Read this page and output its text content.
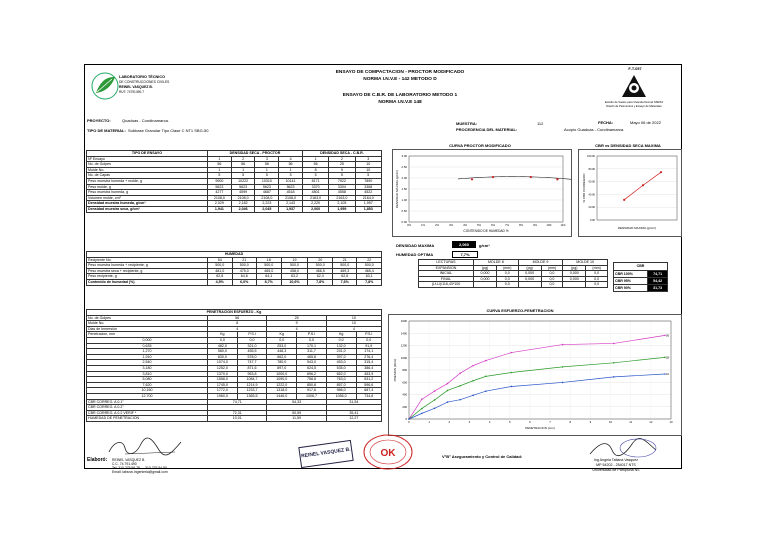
LABORATORIO TÉCNICO
DE CONSTRUCCIONES CIVILES
REINEL VASQUEZ B.
RUT: 74791490-7
ENSAYO DE COMPACTACION - PROCTOR MODIFICADO
NORMA I.N.V.E - 142 METODO D
ENSAYO DE C.B.R. DE LABORATORIO METODO 1
NORMA I.N.V.E 148
F-T-057
Estudio de Suelos para Vivienda Normal NSR/10
Diseño de Pavimentos y Ensayo de Materiales
PROYECTO:	Quaduas - Cundinamarca.
TIPO DE MATERIAL: Subbase Granular Tipo Clase C NT1 SBG-50
MUESTRA:	112
PROCEDENCIA DEL MATERIAL:	Acopio Guaduas - Cundinamarca.
FECHA:	Mayo 06 de 2022
TIPO DE ENSAYO	DENSIDAD SECA - PROCTOR				DENSIDAD SECA - C.B.R.		
Nº Ensayo	1	2	3	4	1	2	3
No. de Golpes	56	56	56	56	56	25	10
Molde No.	1	1	1	1	8	9	10
No. de Capas	5	5	5	5	5	5	5
Peso muestra humeda + molde, g	9900	10222	10310	10141	8171	7922	7890
Peso molde, g	5623	5623	5623	5623	3370	3304	3368
Peso muestra humeda, g	4277	4599	4687	4518	4801	4558	4522
Volumen molde, cm³	2108,0	2108,0	2108,0	2108,0	2163,0	2163,0	2164,0
Densidad muestra humeda, g/cm³	2,029	2,182	2,223	2,143	2,220	2,105	1,997
Densidad muestra seca, g/cm³	1,941	2,046	2,045	1,937	2,060	1,959	1,853
HUMEDAD							
Recipiente No.	54	21	18	19	20	21	22
Peso muestra humeda + recipiente, g	500,0	500,0	500,0	500,0	500,0	500,0	500,0
Peso muestra seca + recipiente, g	481,0	475,0	465,0	458,0	466,5	469,3	465,4
Peso recipiente, g	62,8	64,6	64,1	63,2	62,4	62,6	63,1
Contenido de humedad (%)	4,5%	6,0%	8,7%	10,6%	7,8%	7,6%	7,8%
CURVA PROCTOR MODIFICADO
0.00
0.50
1.00
1.50
2.00
2.50
3.00
0%	1%	2%	3%	4%	5%	6%	7%	8%	9%	10%	11%
CONTENIDO DE HUMEDAD %
DENSIDAD MAXIMA (g/cm³)
CBR vs DENSIDAD SECA MAXIMA
0.00
20.00
40.00
60.00
80.00
100.00
DENSIDAD MAXIMA (g/cm³)
% CBR CORREGIDO
DENSIDAD MAXIMA	2,060	g/cm³
HUMEDAD OPTIMA	7,7%
LECTURAS	MOLDE 8		MOLDE 9		MOLDE 10	
EXPANSION	(pg)	(mm)	(pg)	(mm)	(pg)	(mm)
INICIAL	0,000	0,0	0,000	0,0	0,000	0,0
FINAL	0,000	0,0	0,000	0,0	0,000	0,0
(Lf-Li)/116,43*100		0,0		0,0		0,0
CBR	
CBR 100%	74,71
CBR 95%	54,42
CBR 90%	31,73
PENETRACION ESFUERZO - Kg						
No. de Golpes	56		25		10	
Molde No.	8		9		10	
Dias de Inmersión	4		4		4	
Penetracion, mm	Kg	P.S.I	Kg	P.S.I	Kg	P.S.I
0,000	0,0	0,0	0,0	0,0	0,0	0,0
0,635	482,0	321,0	253,0	170,1	132,0	91,9
1,270	580,0	455,5	448,3	311,7	231,0	174,1
1,910	830,0	578,0	662,0	465,8	397,0	276,4
2,540	1074,0	747,7	780,0	543,0	453,0	315,4
3,180	1252,0	871,6	897,0	624,5	535,0	386,4
3,810	1370,0	953,8	1000,0	696,2	652,0	453,9
5,080	1558,0	1084,7	1090,0	758,8	763,0	531,2
7,620	1745,0	1214,9	1222,0	850,8	857,0	596,6
10,160	1772,0	1233,7	1318,0	917,6	986,0	687,4
12,700	1960,0	1365,5	1446,0	1006,7	1056,0	734,8
CBR CORREG. A 0.1"	74,71		54,33		31,54	
CBR CORREG. A 0.2"						
CBR CORREG. A 0.2 VERIF *	72,31		50,59		35,41	
HUMEDAD DE PENETRACION	10,01		11,59		12,27	
CURVA ESFUERZO-PENETRACION
0
200
400
600
800
1000
1200
1400
1600
0	1	2	3	4	5	6	7	8	9	10	11	12	13
56
25
10
PENETRACION (mm)
PRESION (lb/in²)
Elaboró: REINEL VASQUEZ B.
C.C. 74.791.490
Tel: 310 275 56 79 — 310 275 54 90
Email: labsrvc.ingenieria@gmail.com
REINEL VASQUEZ B.	OK	V°B° Aseguramiento y Control de Calidad:
Ing Angela Tatiana Vasquez
MP 54202 - 254017 NTS
Universidad de Pamplona NS
